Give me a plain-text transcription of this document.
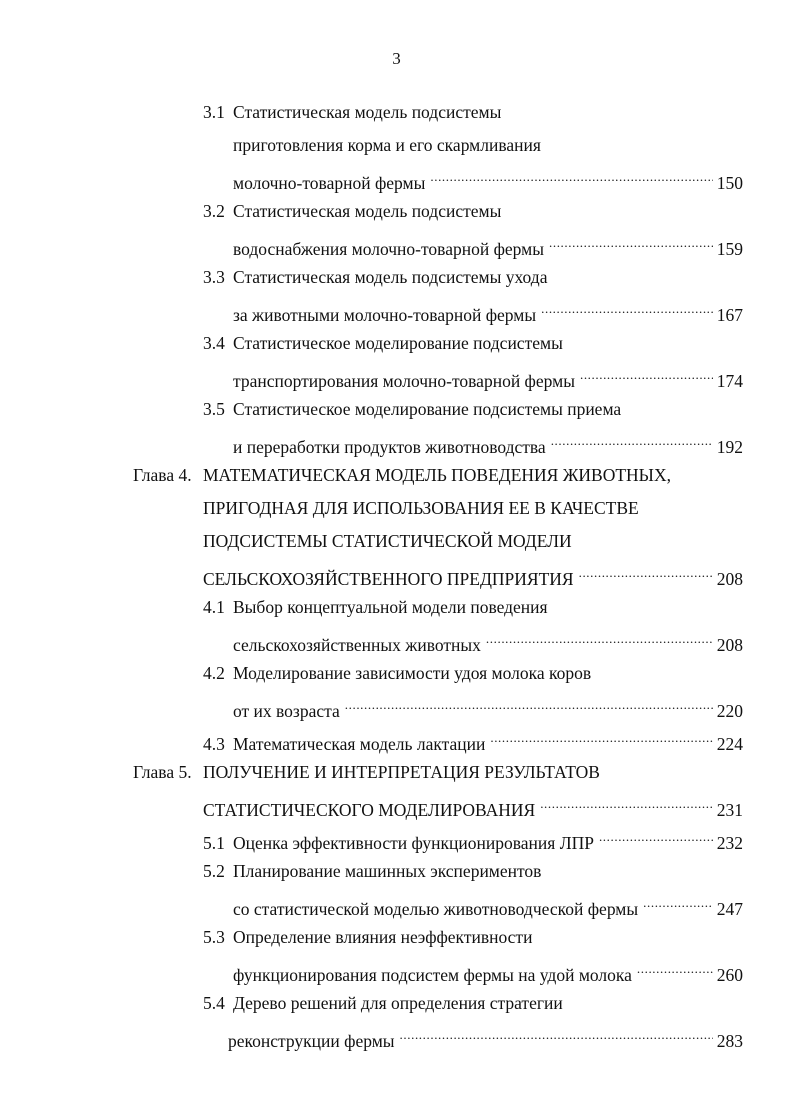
3
3.1 Статистическая модель подсистемы
приготовления корма и его скармливания
молочно-товарной фермы .....	150
3.2 Статистическая модель подсистемы
водоснабжения молочно-товарной фермы .....	159
3.3 Статистическая модель подсистемы ухода
за животными молочно-товарной фермы .....	167
3.4 Статистическое моделирование подсистемы
транспортирования молочно-товарной фермы .....	174
3.5 Статистическое моделирование подсистемы приема
и переработки продуктов животноводства .....	192
Глава 4. МАТЕМАТИЧЕСКАЯ МОДЕЛЬ ПОВЕДЕНИЯ ЖИВОТНЫХ,
ПРИГОДНАЯ ДЛЯ ИСПОЛЬЗОВАНИЯ ЕЕ В КАЧЕСТВЕ
ПОДСИСТЕМЫ СТАТИСТИЧЕСКОЙ МОДЕЛИ
СЕЛЬСКОХОЗЯЙСТВЕННОГО ПРЕДПРИЯТИЯ .....	208
4.1 Выбор концептуальной модели поведения
сельскохозяйственных животных .....	208
4.2 Моделирование зависимости удоя молока коров
от их возраста .....	220
4.3 Математическая модель лактации .....	224
Глава 5. ПОЛУЧЕНИЕ И ИНТЕРПРЕТАЦИЯ РЕЗУЛЬТАТОВ
СТАТИСТИЧЕСКОГО МОДЕЛИРОВАНИЯ .....	231
5.1 Оценка эффективности функционирования ЛПР .....	232
5.2 Планирование машинных экспериментов
со статистической моделью животноводческой фермы .....	247
5.3 Определение влияния неэффективности
функционирования подсистем фермы на удой молока .....	260
5.4 Дерево решений для определения стратегии
реконструкции фермы .....	283
